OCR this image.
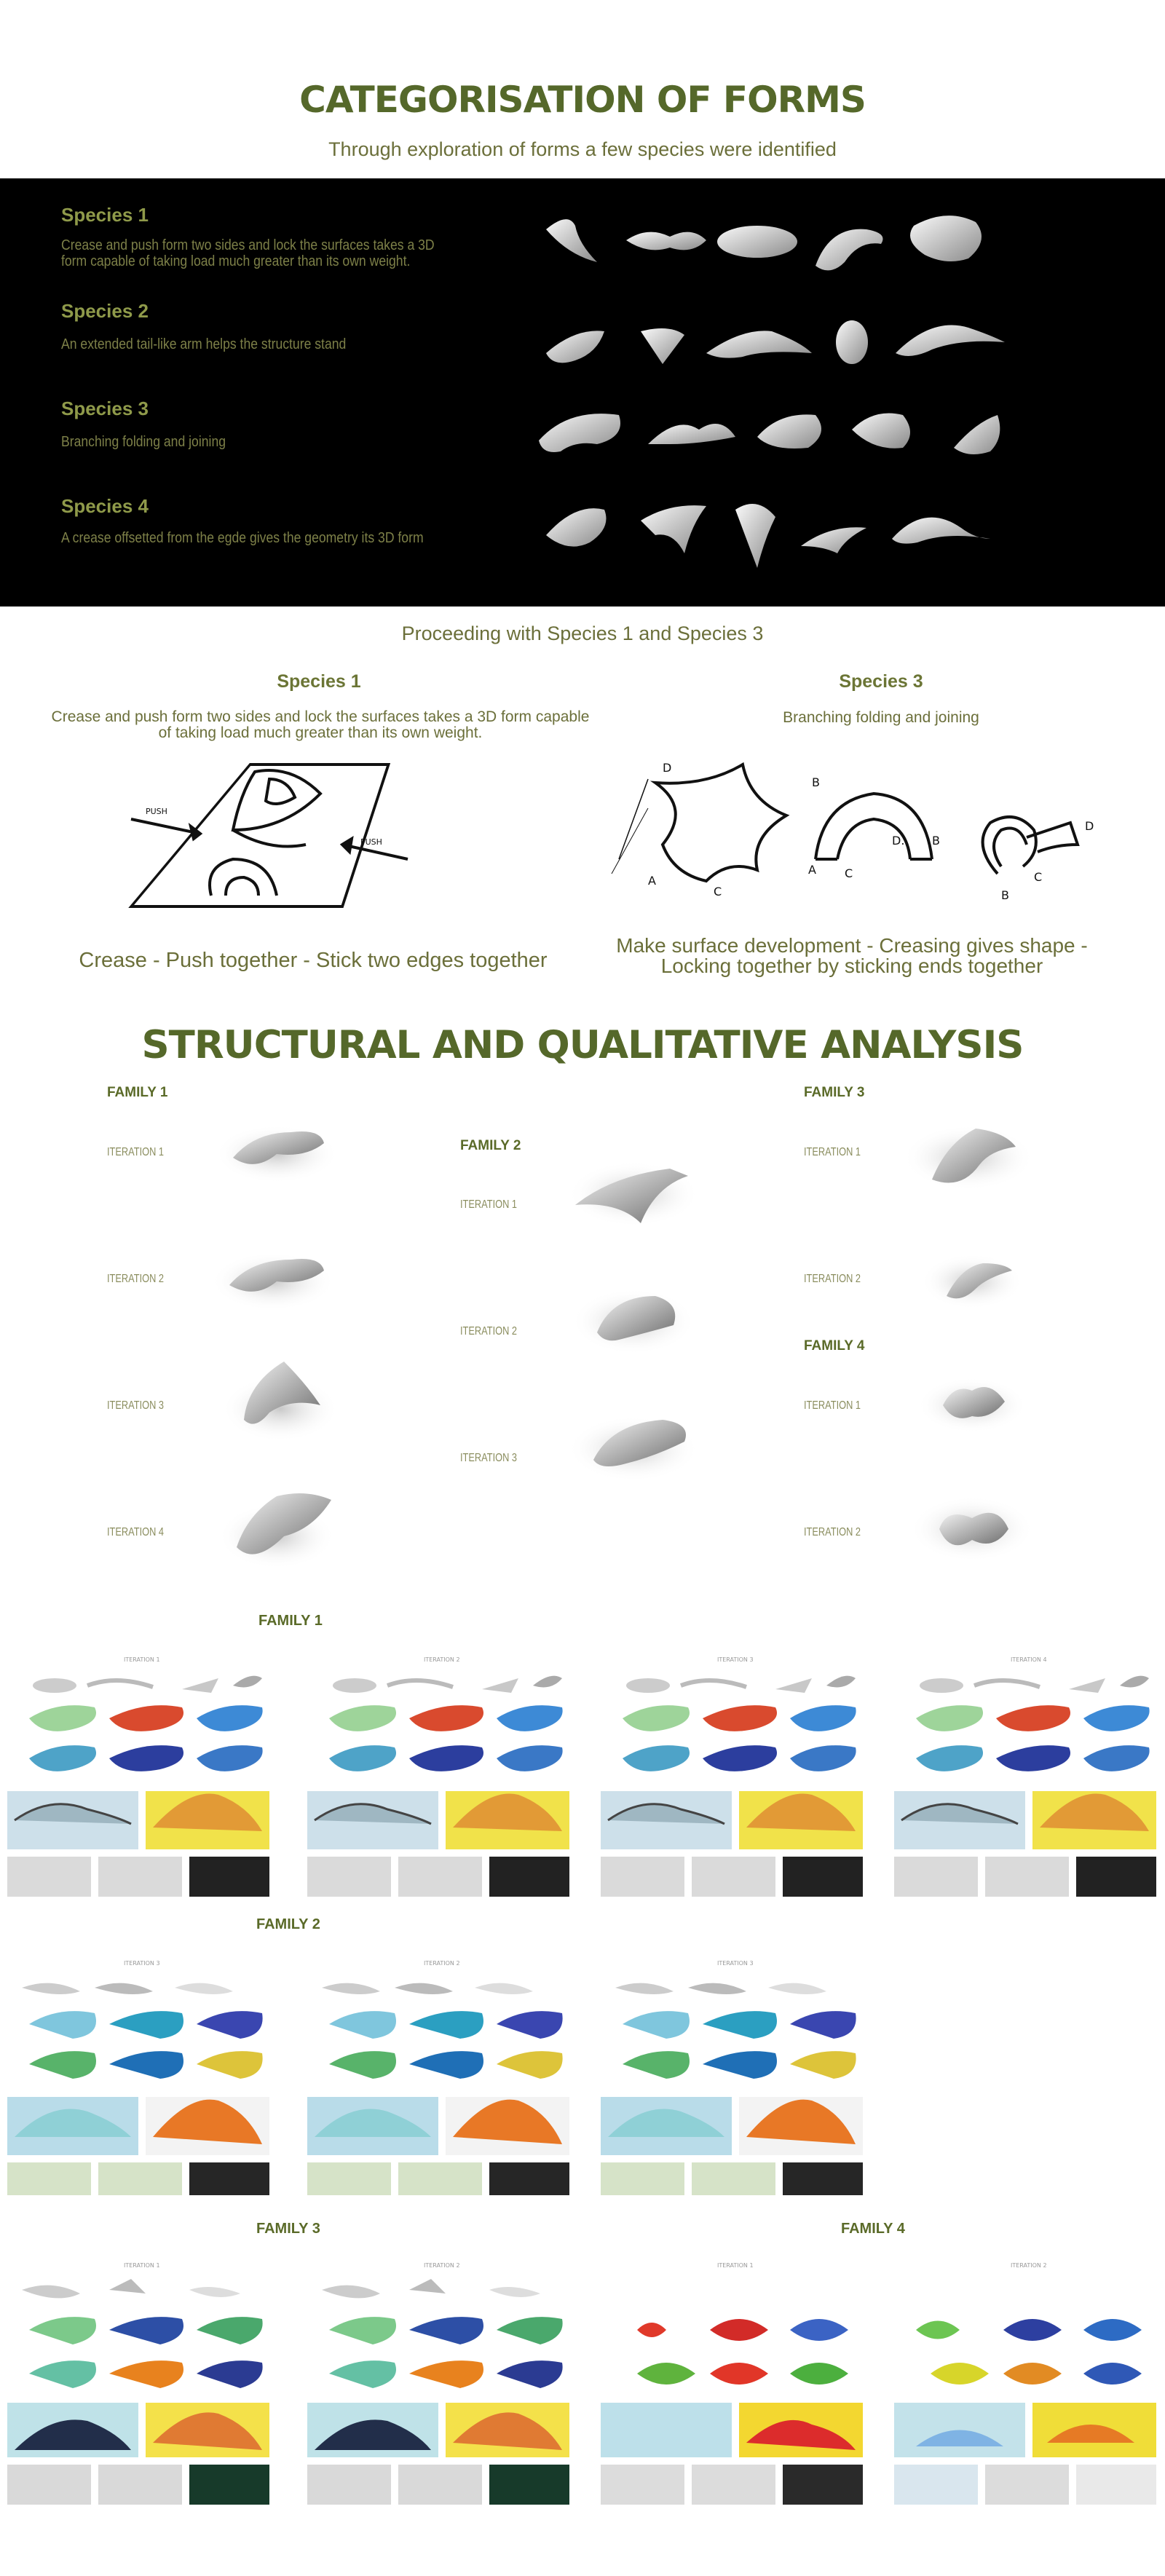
CATEGORISATION OF FORMS
Through exploration of forms a few species were identified
Species 1
Crease and push form two sides and lock the surfaces takes a 3D form capable of taking load much greater than its own weight.
Species 2
An extended tail-like arm helps the structure stand
Species 3
Branching folding and joining
Species 4
A crease offsetted from the egde gives the geometry its 3D form
Proceeding with Species 1 and Species 3
Species 1
Crease and push form two sides and lock the surfaces takes a 3D form capable of taking load much greater than its own weight.
PUSH
PUSH
Crease - Push together - Stick two edges together
Species 3
Branching folding and joining
D
B
A
C
A C
D. B
D
B
C
Make surface development - Creasing gives shape - Locking together by sticking ends together
STRUCTURAL AND QUALITATIVE ANALYSIS
FAMILY 1
ITERATION 1
ITERATION 2
ITERATION 3
ITERATION 4
FAMILY 2
ITERATION 1
ITERATION 2
ITERATION 3
FAMILY 3
ITERATION 1
ITERATION 2
FAMILY 4
ITERATION 1
ITERATION 2
FAMILY 1
ITERATION 1	ITERATION 2	ITERATION 3	ITERATION 4
FAMILY 2
ITERATION 3	ITERATION 2	ITERATION 3
FAMILY 3	FAMILY 4
ITERATION 1	ITERATION 2	ITERATION 1	ITERATION 2
